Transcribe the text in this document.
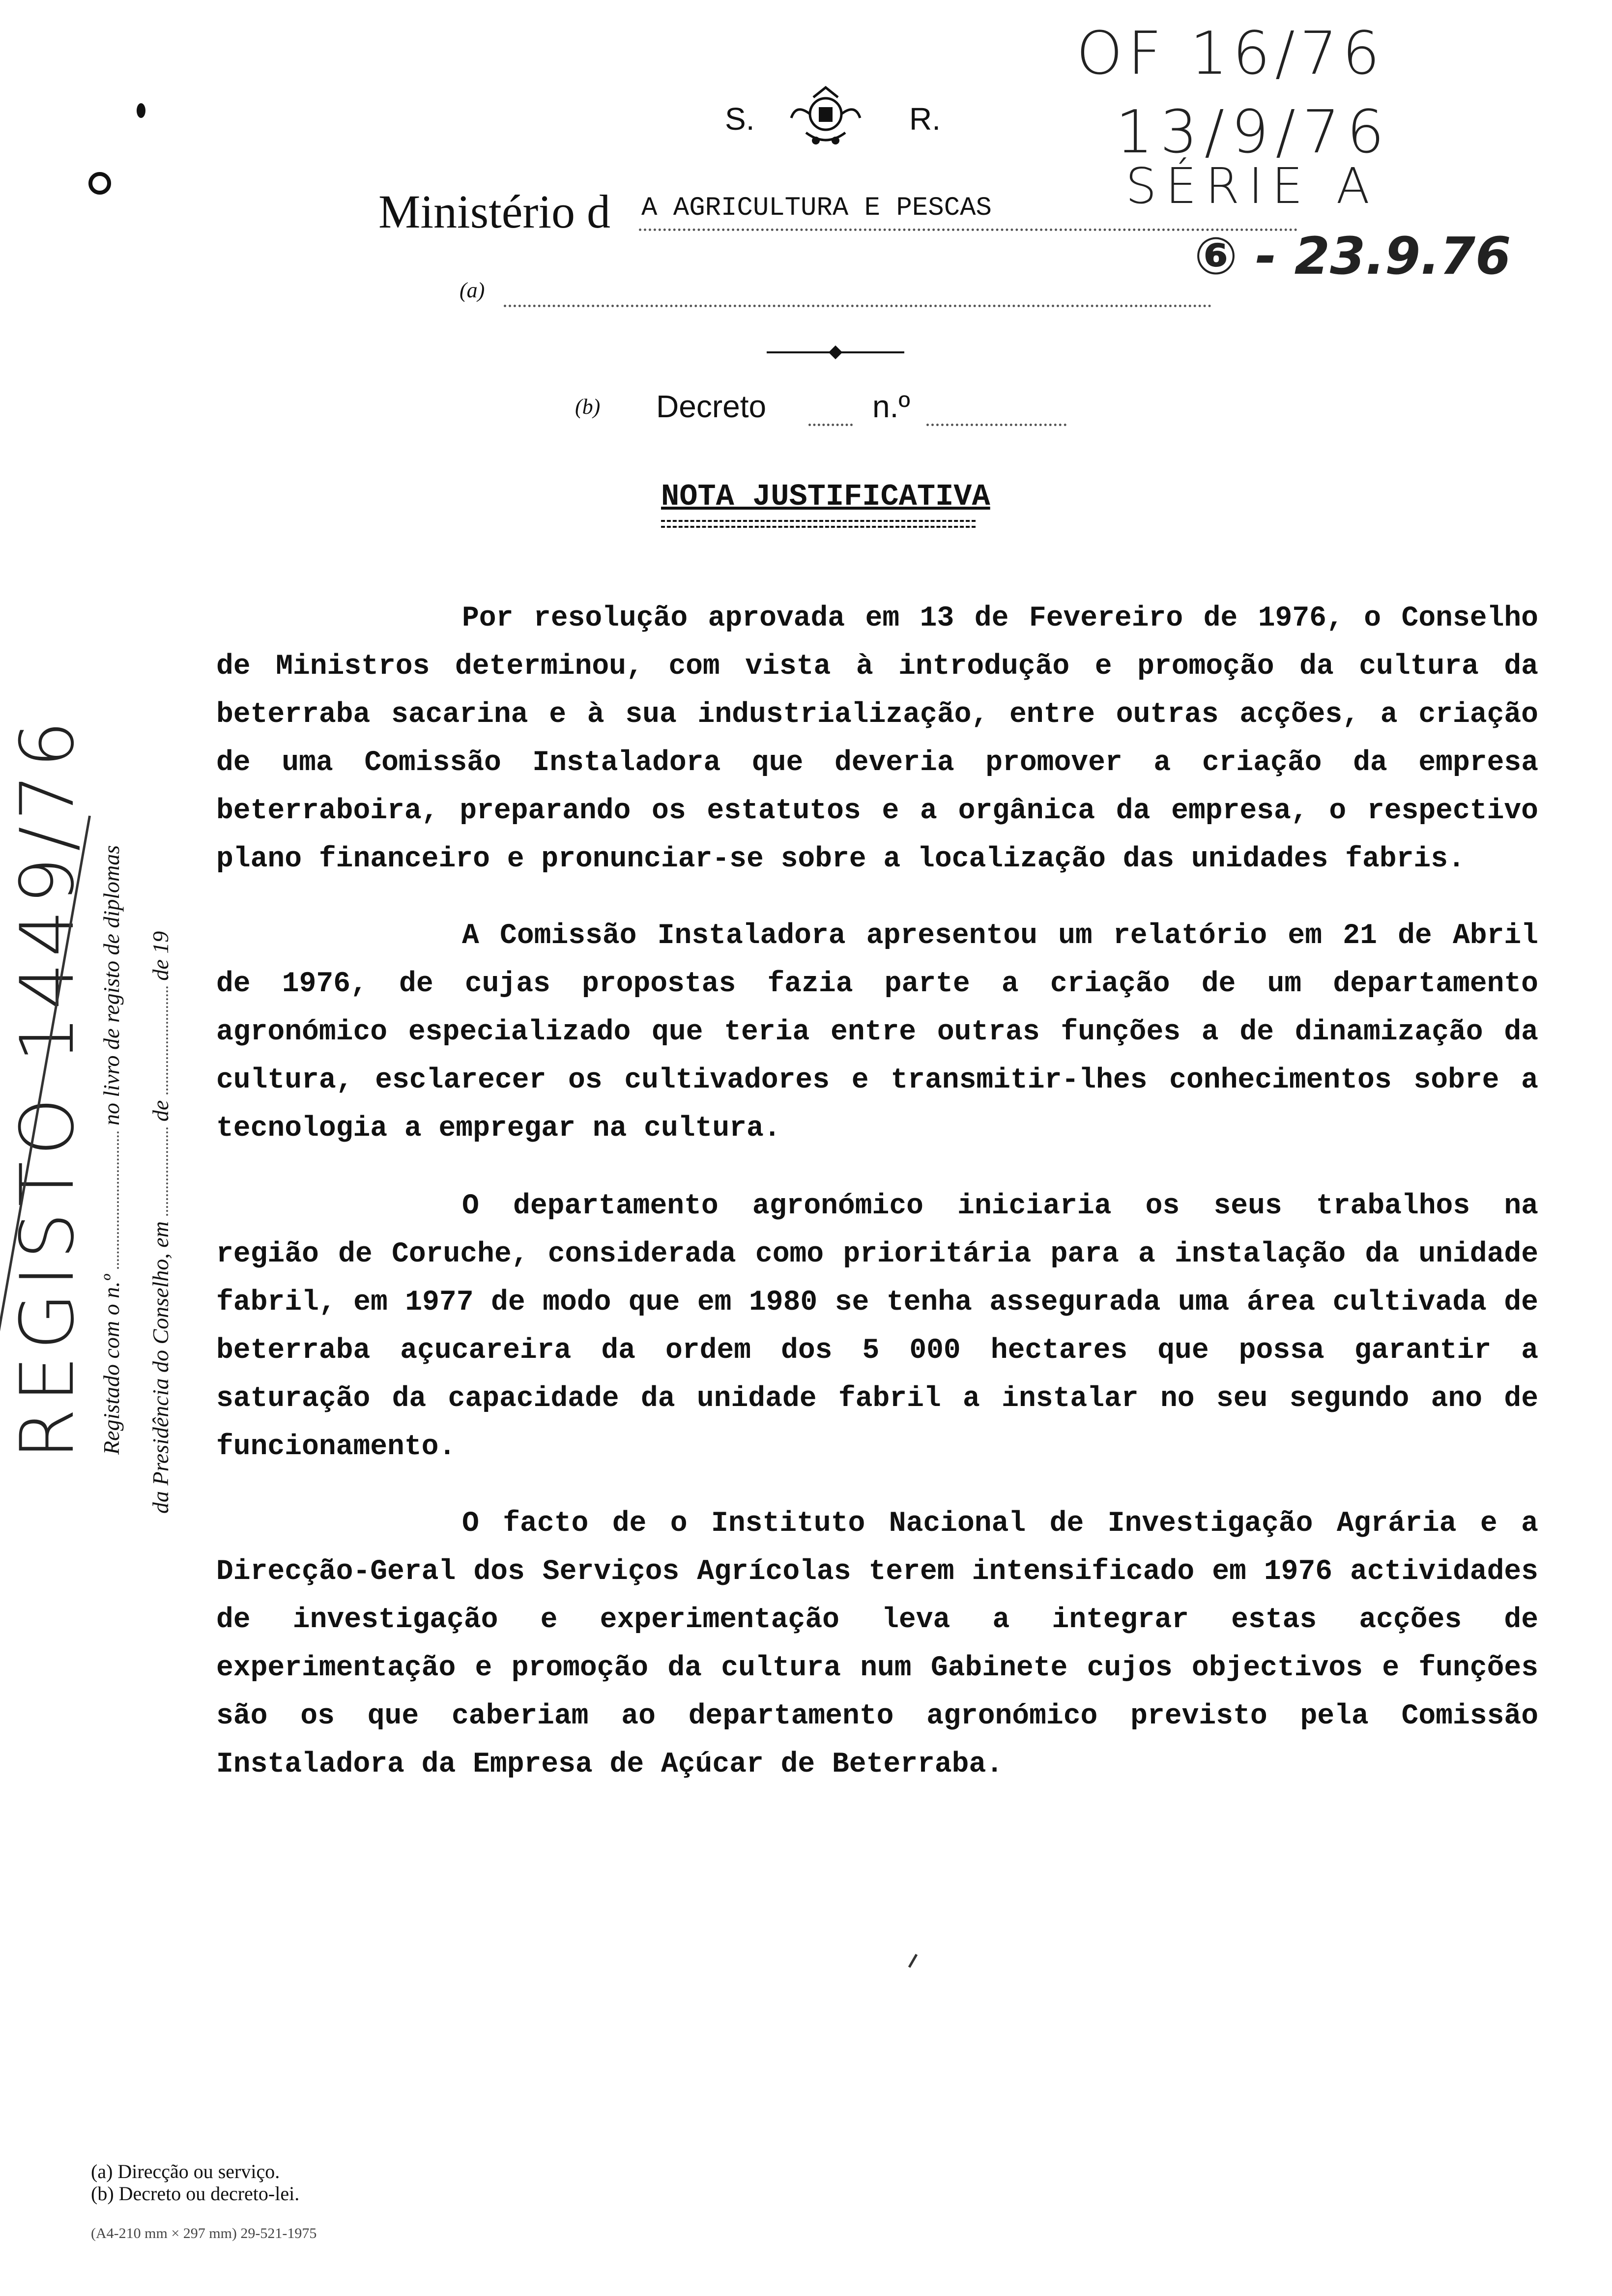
OF 16/76
13/9/76
SÉRIE A
⑥ - 23.9.76
S.	R.
Ministério d A AGRICULTURA E PESCAS
(a)
(b) Decreto	n.º
NOTA JUSTIFICATIVA

Por resolução aprovada em 13 de Fevereiro de 1976, o Conselho de Ministros determinou, com vista à introdução e promoção da cultura da beterraba sacarina e à sua industrialização, entre outras acções, a criação de uma Comissão Instaladora que deveria promover a criação da empresa beterraboira, preparando os estatutos e a orgânica da empresa, o respectivo plano financeiro e pronunciar-se sobre a localização das unidades fabris.

A Comissão Instaladora apresentou um relatório em 21 de Abril de 1976, de cujas propostas fazia parte a criação de um departamento agronómico especializado que teria entre outras funções a de dinamização da cultura, esclarecer os cultivadores e transmitir-lhes conhecimentos sobre a tecnologia a empregar na cultura.

O departamento agronómico iniciaria os seus trabalhos na região de Coruche, considerada como prioritária para a instalação da unidade fabril, em 1977 de modo que em 1980 se tenha assegurada uma área cultivada de beterraba açucareira da ordem dos 5 000 hectares que possa garantir a saturação da capacidade da unidade fabril a instalar no seu segundo ano de funcionamento.

O facto de o Instituto Nacional de Investigação Agrária e a Direcção-Geral dos Serviços Agrícolas terem intensificado em 1976 actividades de investigação e experimentação leva a integrar estas acções de experimentação e promoção da cultura num Gabinete cujos objectivos e funções são os que caberiam ao departamento agronómico previsto pela Comissão Instaladora da Empresa de Açúcar de Beterraba.

Registado com o n.º  no livro de registo de diplomas
da Presidência do Conselho, em  de  de 19
REGISTO 1449/76
(a) Direcção ou serviço.
(b) Decreto ou decreto-lei.
(A4-210 mm × 297 mm) 29-521-1975
